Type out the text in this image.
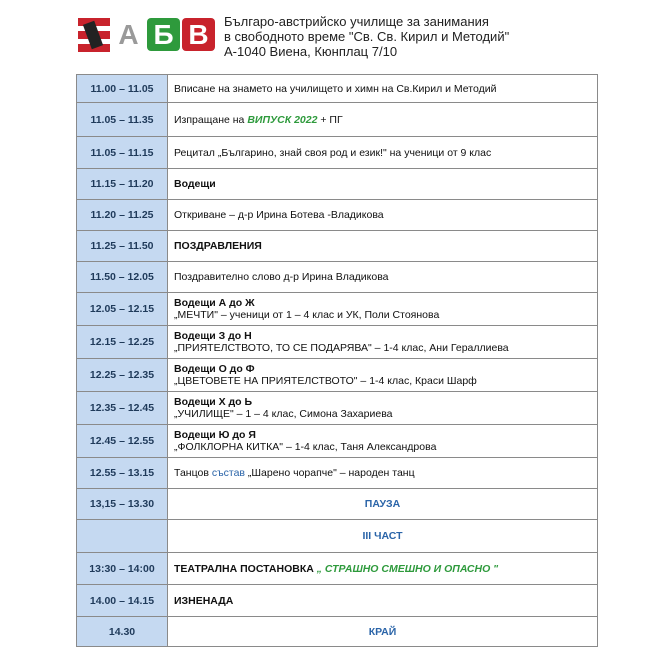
А Б В	Българо-австрийско училище за занимания
в свободното време "Св. Св. Кирил и Методий"
А-1040 Виена, Кюнплац 7/10
11.00 – 11.05	Вписане на знамето на училището и химн на Св.Кирил и Методий
11.05 – 11.35	Изпращане на ВИПУСК 2022 + ПГ
11.05 – 11.15	Рецитал „Българино, знай своя род и език!" на ученици от 9 клас
11.15 – 11.20	Водещи
11.20 – 11.25	Откриване – д-р Ирина Ботева -Владикова
11.25 – 11.50	ПОЗДРАВЛЕНИЯ
11.50 – 12.05	Поздравително слово д-р Ирина Владикова
12.05 – 12.15	Водещи А до Ж
„МЕЧТИ" – ученици от 1 – 4 клас и УК, Поли Стоянова

12.15 – 12.25	Водещи З до Н
„ПРИЯТЕЛСТВОТО, ТО СЕ ПОДАРЯВА" – 1-4 клас, Ани Гераллиева

12.25 – 12.35	Водещи О до Ф
„ЦВЕТОВЕТЕ НА ПРИЯТЕЛСТВОТО" – 1-4 клас, Краси Шарф

12.35 – 12.45	Водещи Х до Ь
„УЧИЛИЩЕ" – 1 – 4 клас, Симона Захариева

12.45 – 12.55	Водещи Ю до Я
„ФОЛКЛОРНА КИТКА" – 1-4 клас, Таня Александрова

12.55 – 13.15	Танцов състав „Шарено чорапче" – народен танц
13,15 – 13.30	ПАУЗА
	III ЧАСТ
13:30 – 14:00	ТЕАТРАЛНА ПОСТАНОВКА „ СТРАШНО СМЕШНО И ОПАСНО "
14.00 – 14.15	ИЗНЕНАДА
14.30	КРАЙ
